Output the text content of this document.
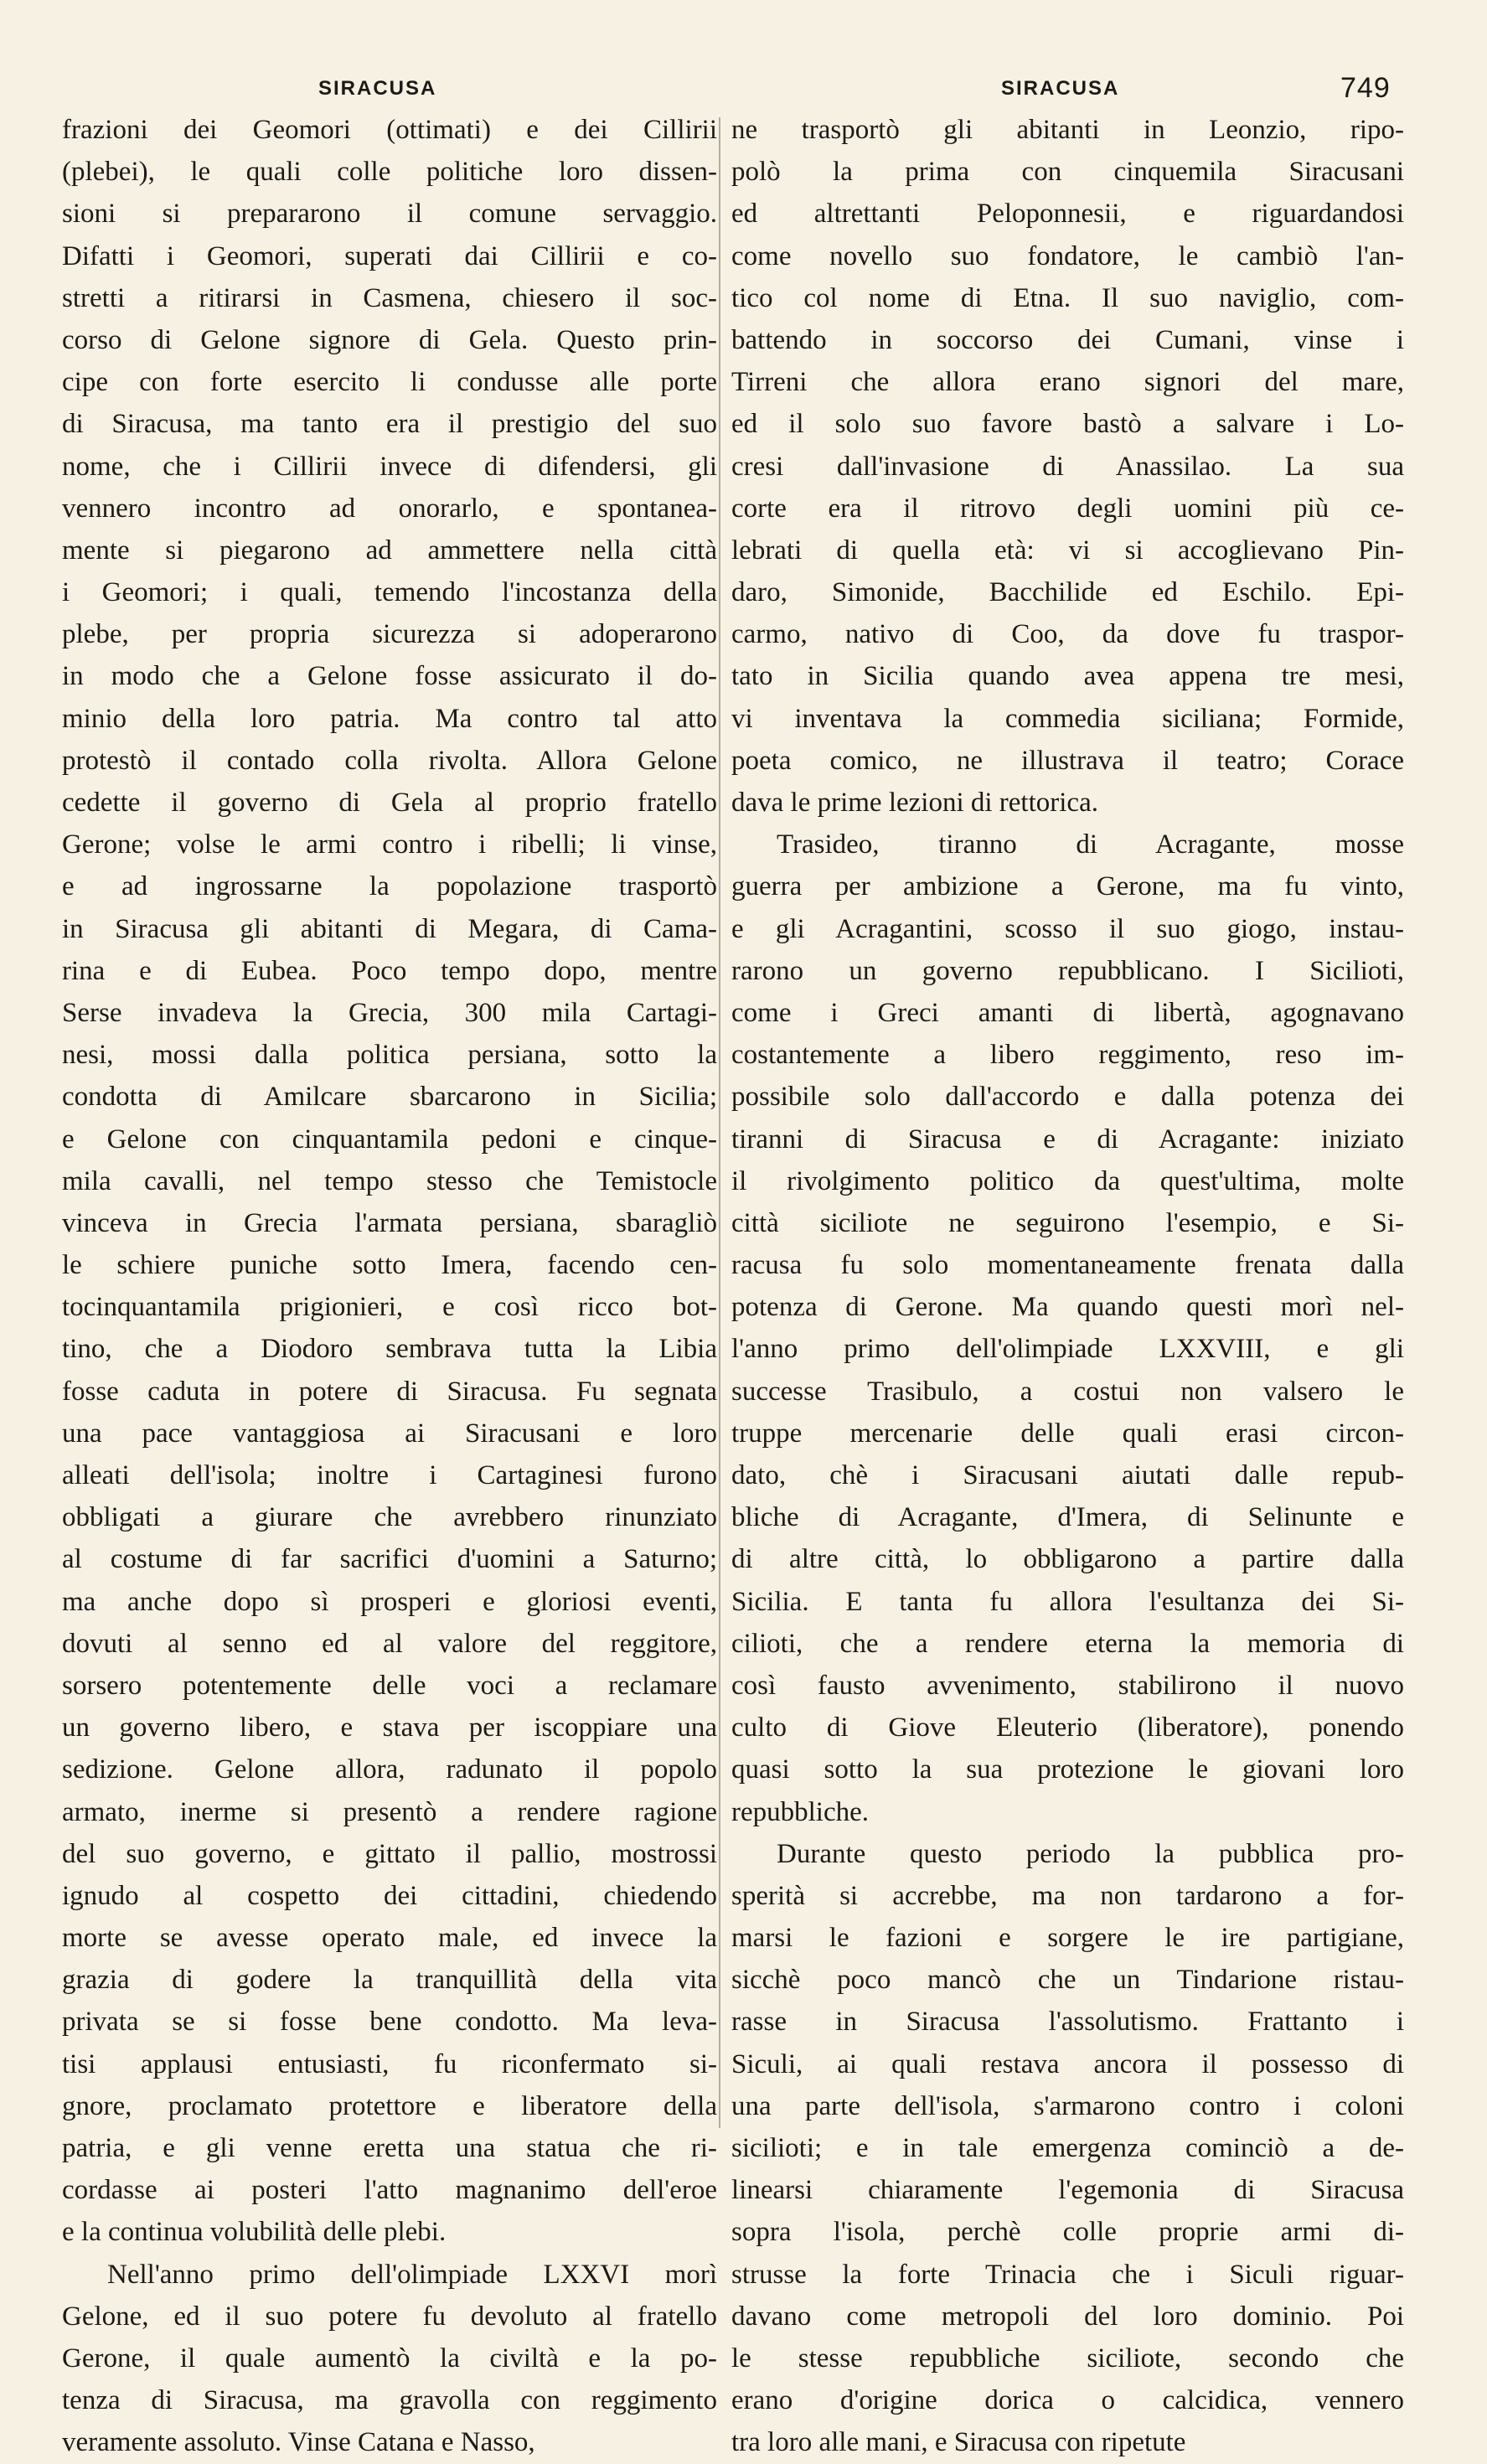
SIRACUSA	SIRACUSA	749
frazioni dei Geomori (ottimati) e dei Cillirii
(plebei), le quali colle politiche loro dissen-
sioni si prepararono il comune servaggio.
Difatti i Geomori, superati dai Cillirii e co-
stretti a ritirarsi in Casmena, chiesero il soc-
corso di Gelone signore di Gela. Questo prin-
cipe con forte esercito li condusse alle porte
di Siracusa, ma tanto era il prestigio del suo
nome, che i Cillirii invece di difendersi, gli
vennero incontro ad onorarlo, e spontanea-
mente si piegarono ad ammettere nella città
i Geomori; i quali, temendo l'incostanza della
plebe, per propria sicurezza si adoperarono
in modo che a Gelone fosse assicurato il do-
minio della loro patria. Ma contro tal atto
protestò il contado colla rivolta. Allora Gelone
cedette il governo di Gela al proprio fratello
Gerone; volse le armi contro i ribelli; li vinse,
e ad ingrossarne la popolazione trasportò
in Siracusa gli abitanti di Megara, di Cama-
rina e di Eubea. Poco tempo dopo, mentre
Serse invadeva la Grecia, 300 mila Cartagi-
nesi, mossi dalla politica persiana, sotto la
condotta di Amilcare sbarcarono in Sicilia;
e Gelone con cinquantamila pedoni e cinque-
mila cavalli, nel tempo stesso che Temistocle
vinceva in Grecia l'armata persiana, sbaragliò
le schiere puniche sotto Imera, facendo cen-
tocinquantamila prigionieri, e così ricco bot-
tino, che a Diodoro sembrava tutta la Libia
fosse caduta in potere di Siracusa. Fu segnata
una pace vantaggiosa ai Siracusani e loro
alleati dell'isola; inoltre i Cartaginesi furono
obbligati a giurare che avrebbero rinunziato
al costume di far sacrifici d'uomini a Saturno;
ma anche dopo sì prosperi e gloriosi eventi,
dovuti al senno ed al valore del reggitore,
sorsero potentemente delle voci a reclamare
un governo libero, e stava per iscoppiare una
sedizione. Gelone allora, radunato il popolo
armato, inerme si presentò a rendere ragione
del suo governo, e gittato il pallio, mostrossi
ignudo al cospetto dei cittadini, chiedendo
morte se avesse operato male, ed invece la
grazia di godere la tranquillità della vita
privata se si fosse bene condotto. Ma leva-
tisi applausi entusiasti, fu riconfermato si-
gnore, proclamato protettore e liberatore della
patria, e gli venne eretta una statua che ri-
cordasse ai posteri l'atto magnanimo dell'eroe
e la continua volubilità delle plebi.
Nell'anno primo dell'olimpiade LXXVI morì
Gelone, ed il suo potere fu devoluto al fratello
Gerone, il quale aumentò la civiltà e la po-
tenza di Siracusa, ma gravolla con reggimento
veramente assoluto. Vinse Catana e Nasso,
ne trasportò gli abitanti in Leonzio, ripo-
polò la prima con cinquemila Siracusani
ed altrettanti Peloponnesii, e riguardandosi
come novello suo fondatore, le cambiò l'an-
tico col nome di Etna. Il suo naviglio, com-
battendo in soccorso dei Cumani, vinse i
Tirreni che allora erano signori del mare,
ed il solo suo favore bastò a salvare i Lo-
cresi dall'invasione di Anassilao. La sua
corte era il ritrovo degli uomini più ce-
lebrati di quella età: vi si accoglievano Pin-
daro, Simonide, Bacchilide ed Eschilo. Epi-
carmo, nativo di Coo, da dove fu traspor-
tato in Sicilia quando avea appena tre mesi,
vi inventava la commedia siciliana; Formide,
poeta comico, ne illustrava il teatro; Corace
dava le prime lezioni di rettorica.
Trasideo, tiranno di Acragante, mosse
guerra per ambizione a Gerone, ma fu vinto,
e gli Acragantini, scosso il suo giogo, instau-
rarono un governo repubblicano. I Sicilioti,
come i Greci amanti di libertà, agognavano
costantemente a libero reggimento, reso im-
possibile solo dall'accordo e dalla potenza dei
tiranni di Siracusa e di Acragante: iniziato
il rivolgimento politico da quest'ultima, molte
città siciliote ne seguirono l'esempio, e Si-
racusa fu solo momentaneamente frenata dalla
potenza di Gerone. Ma quando questi morì nel-
l'anno primo dell'olimpiade LXXVIII, e gli
successe Trasibulo, a costui non valsero le
truppe mercenarie delle quali erasi circon-
dato, chè i Siracusani aiutati dalle repub-
bliche di Acragante, d'Imera, di Selinunte e
di altre città, lo obbligarono a partire dalla
Sicilia. E tanta fu allora l'esultanza dei Si-
cilioti, che a rendere eterna la memoria di
così fausto avvenimento, stabilirono il nuovo
culto di Giove Eleuterio (liberatore), ponendo
quasi sotto la sua protezione le giovani loro
repubbliche.
Durante questo periodo la pubblica pro-
sperità si accrebbe, ma non tardarono a for-
marsi le fazioni e sorgere le ire partigiane,
sicchè poco mancò che un Tindarione ristau-
rasse in Siracusa l'assolutismo. Frattanto i
Siculi, ai quali restava ancora il possesso di
una parte dell'isola, s'armarono contro i coloni
sicilioti; e in tale emergenza cominciò a de-
linearsi chiaramente l'egemonia di Siracusa
sopra l'isola, perchè colle proprie armi di-
strusse la forte Trinacia che i Siculi riguar-
davano come metropoli del loro dominio. Poi
le stesse repubbliche siciliote, secondo che
erano d'origine dorica o calcidica, vennero
tra loro alle mani, e Siracusa con ripetute
